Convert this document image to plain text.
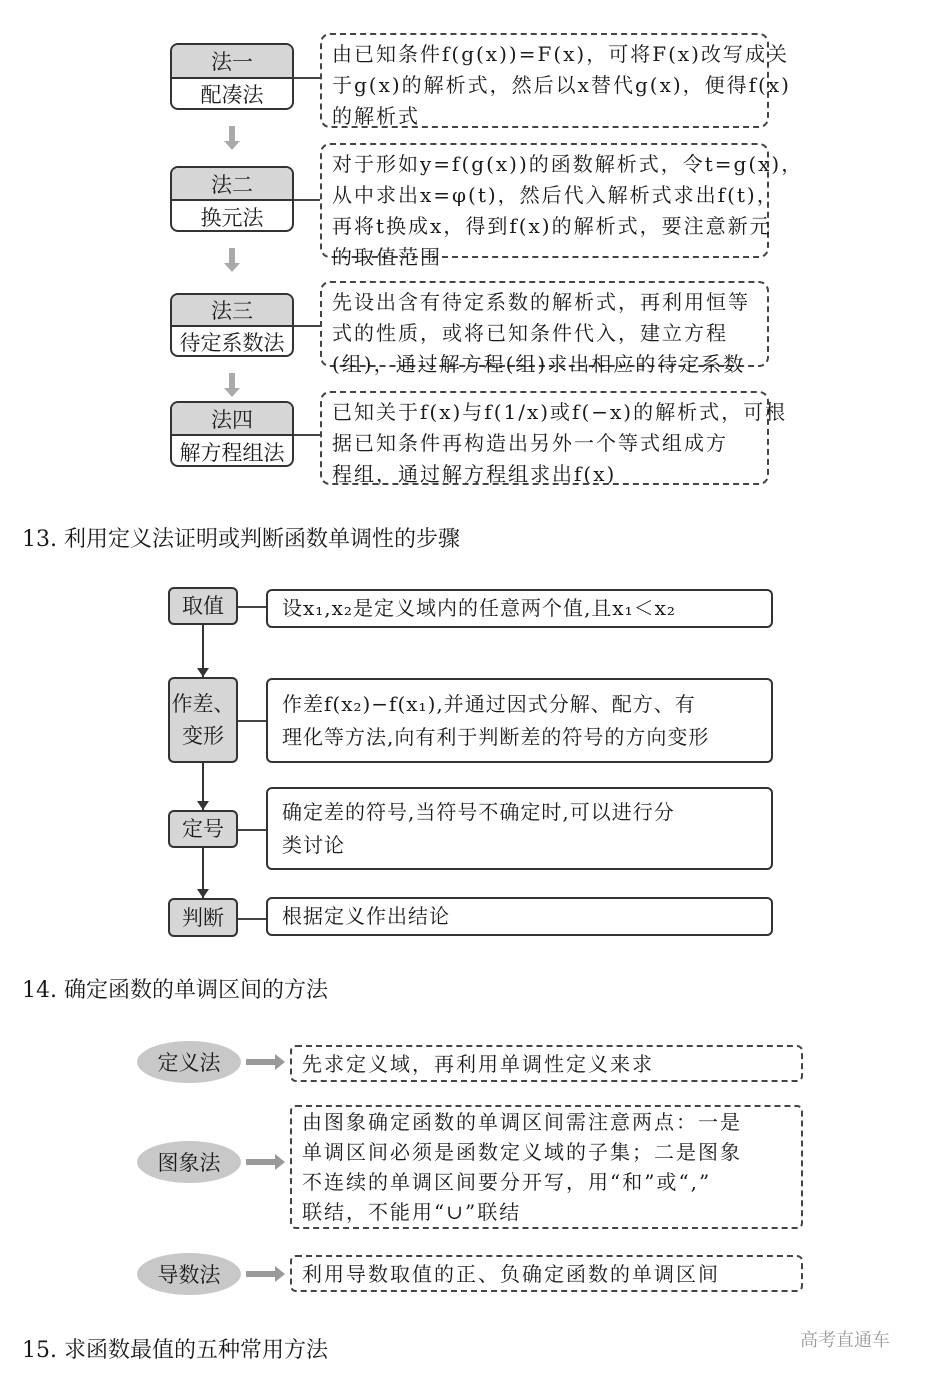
法一
配凑法
由已知条件f(g(x))=F(x)，可将F(x)改写成关
于g(x)的解析式，然后以x替代g(x)，便得f(x)
的解析式
法二
换元法
对于形如y=f(g(x))的函数解析式，令t=g(x)，
从中求出x=φ(t)，然后代入解析式求出f(t)，
再将t换成x，得到f(x)的解析式，要注意新元
的取值范围
法三
待定系数法
先设出含有待定系数的解析式，再利用恒等
式的性质，或将已知条件代入，建立方程
(组)，通过解方程(组)求出相应的待定系数
法四
解方程组法
已知关于f(x)与f(1/x)或f(−x)的解析式，可根
据已知条件再构造出另外一个等式组成方
程组，通过解方程组求出f(x)
13. 利用定义法证明或判断函数单调性的步骤
取值	设x₁,x₂是定义域内的任意两个值,且x₁＜x₂
作差、变形
作差f(x₂)−f(x₁),并通过因式分解、配方、有
理化等方法,向有利于判断差的符号的方向变形
定号
确定差的符号,当符号不确定时,可以进行分
类讨论
判断	根据定义作出结论
14. 确定函数的单调区间的方法
定义法	先求定义域，再利用单调性定义来求
图象法
由图象确定函数的单调区间需注意两点：一是
单调区间必须是函数定义域的子集；二是图象
不连续的单调区间要分开写，用“和”或“,”
联结，不能用“∪”联结
导数法	利用导数取值的正、负确定函数的单调区间
15. 求函数最值的五种常用方法	高考直通车
